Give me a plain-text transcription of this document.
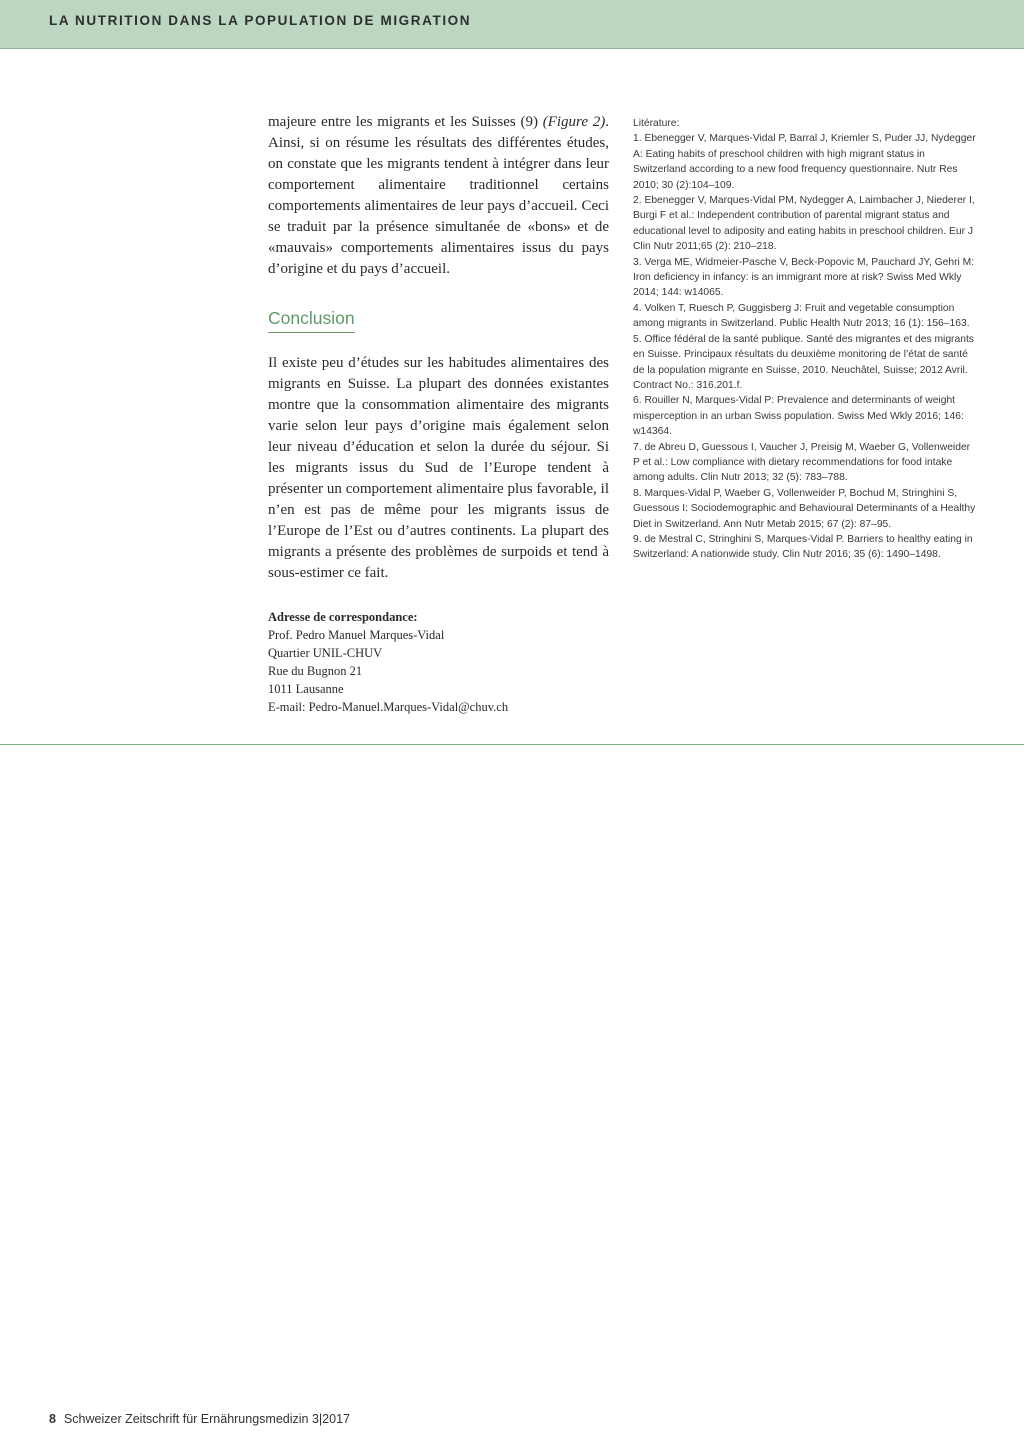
LA NUTRITION DANS LA POPULATION DE MIGRATION

majeure entre les migrants et les Suisses (9) (Figure 2). Ainsi, si on résume les résultats des différentes études, on constate que les migrants tendent à intégrer dans leur comportement alimentaire traditionnel certains comportements alimentaires de leur pays d’accueil. Ceci se traduit par la présence simultanée de «bons» et de «mauvais» comportements alimentaires issus du pays d’origine et du pays d’accueil.

Conclusion

Il existe peu d’études sur les habitudes alimentaires des migrants en Suisse. La plupart des données existantes montre que la consommation alimentaire des migrants varie selon leur pays d’origine mais également selon leur niveau d’éducation et selon la durée du séjour. Si les migrants issus du Sud de l’Europe tendent à présenter un comportement alimentaire plus favorable, il n’en est pas de même pour les migrants issus de l’Europe de l’Est ou d’autres continents. La plupart des migrants a présente des problèmes de surpoids et tend à sous-estimer ce fait.

Adresse de correspondance:
Prof. Pedro Manuel Marques-Vidal
Quartier UNIL-CHUV
Rue du Bugnon 21
1011 Lausanne
E-mail: Pedro-Manuel.Marques-Vidal@chuv.ch

Litérature:

1. Ebenegger V, Marques-Vidal P, Barral J, Kriemler S, Puder JJ, Nydegger A: Eating habits of preschool children with high migrant status in Switzerland according to a new food frequency questionnaire. Nutr Res 2010; 30 (2):104–109.

2. Ebenegger V, Marques-Vidal PM, Nydegger A, Laimbacher J, Niederer I, Burgi F et al.: Independent contribution of parental migrant status and educational level to adiposity and eating habits in preschool children. Eur J Clin Nutr 2011;65 (2): 210–218.

3. Verga ME, Widmeier-Pasche V, Beck-Popovic M, Pauchard JY, Gehri M: Iron deficiency in infancy: is an immigrant more at risk? Swiss Med Wkly 2014; 144: w14065.

4. Volken T, Ruesch P, Guggisberg J: Fruit and vegetable consumption among migrants in Switzerland. Public Health Nutr 2013; 16 (1): 156–163.

5. Office fédéral de la santé publique. Santé des migrantes et des migrants en Suisse. Principaux résultats du deuxième monitoring de l’état de santé de la population migrante en Suisse, 2010. Neuchâtel, Suisse; 2012 Avril. Contract No.: 316.201.f.

6. Rouiller N, Marques-Vidal P: Prevalence and determinants of weight misperception in an urban Swiss population. Swiss Med Wkly 2016; 146: w14364.

7. de Abreu D, Guessous I, Vaucher J, Preisig M, Waeber G, Vollenweider P et al.: Low compliance with dietary recommendations for food intake among adults. Clin Nutr 2013; 32 (5): 783–788.

8. Marques-Vidal P, Waeber G, Vollenweider P, Bochud M, Stringhini S, Guessous I: Sociodemographic and Behavioural Determinants of a Healthy Diet in Switzerland. Ann Nutr Metab 2015; 67 (2): 87–95.

9. de Mestral C, Stringhini S, Marques-Vidal P. Barriers to healthy eating in Switzerland: A nationwide study. Clin Nutr 2016; 35 (6): 1490–1498.

8 Schweizer Zeitschrift für Ernährungsmedizin 3|2017
